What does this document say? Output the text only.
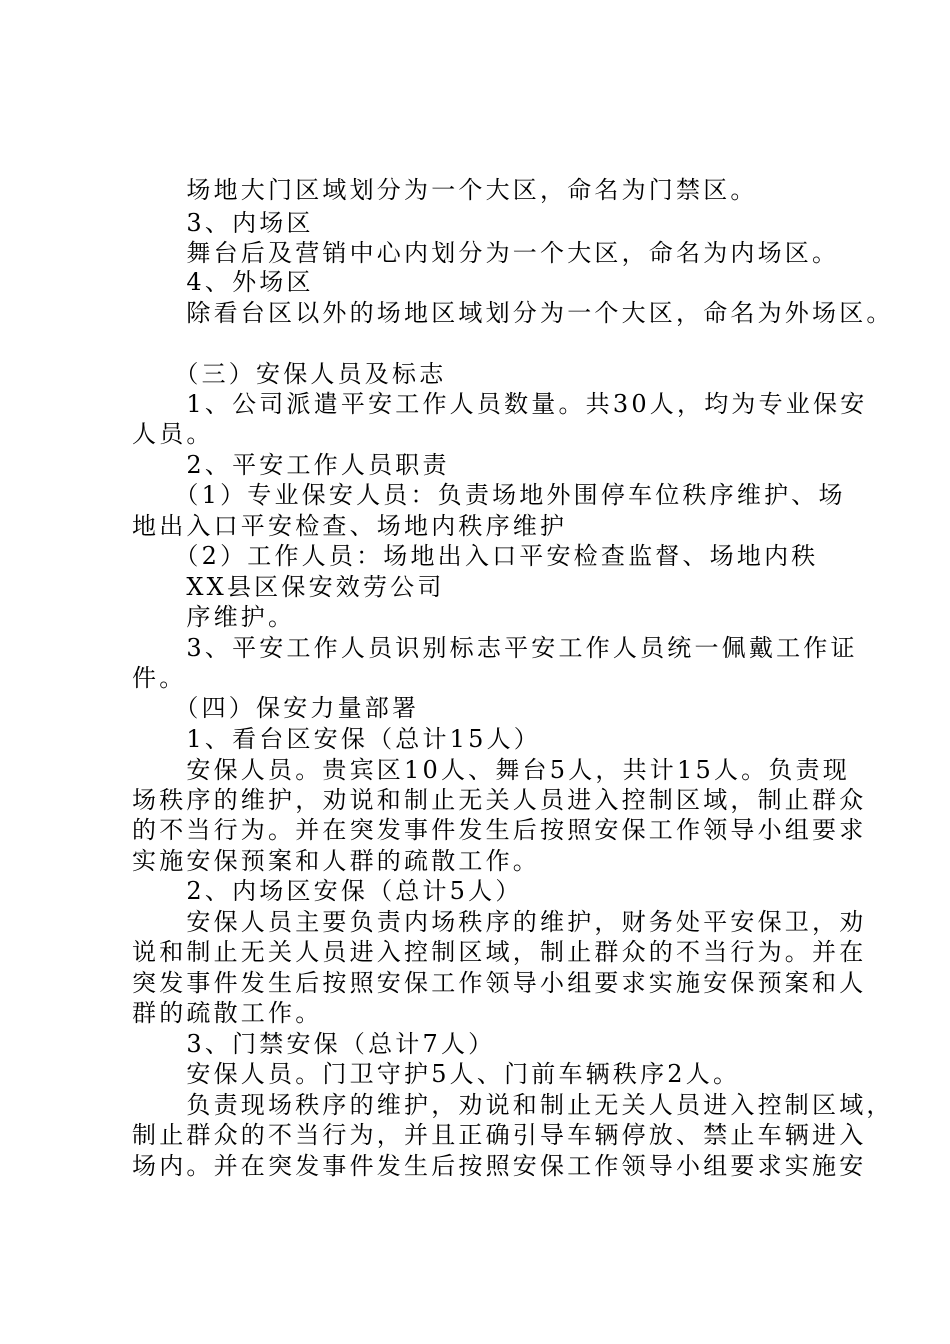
　　场地大门区域划分为一个大区，命名为门禁区。
　　3、内场区
　　舞台后及营销中心内划分为一个大区，命名为内场区。
　　4、外场区
　　除看台区以外的场地区域划分为一个大区，命名为外场区。
　　（三）安保人员及标志
　　1、公司派遣平安工作人员数量。共30人，均为专业保安
人员。
　　2、平安工作人员职责
　　（1）专业保安人员：负责场地外围停车位秩序维护、场
地出入口平安检查、场地内秩序维护
　　（2）工作人员：场地出入口平安检查监督、场地内秩
　　XX县区保安效劳公司
　　序维护。
　　3、平安工作人员识别标志平安工作人员统一佩戴工作证
件。
　　（四）保安力量部署
　　1、看台区安保（总计15人）
　　安保人员。贵宾区10人、舞台5人，共计15人。负责现
场秩序的维护，劝说和制止无关人员进入控制区域，制止群众
的不当行为。并在突发事件发生后按照安保工作领导小组要求
实施安保预案和人群的疏散工作。
　　2、内场区安保（总计5人）
　　安保人员主要负责内场秩序的维护，财务处平安保卫，劝
说和制止无关人员进入控制区域，制止群众的不当行为。并在
突发事件发生后按照安保工作领导小组要求实施安保预案和人
群的疏散工作。
　　3、门禁安保（总计7人）
　　安保人员。门卫守护5人、门前车辆秩序2人。
　　负责现场秩序的维护，劝说和制止无关人员进入控制区域，
制止群众的不当行为，并且正确引导车辆停放、禁止车辆进入
场内。并在突发事件发生后按照安保工作领导小组要求实施安
